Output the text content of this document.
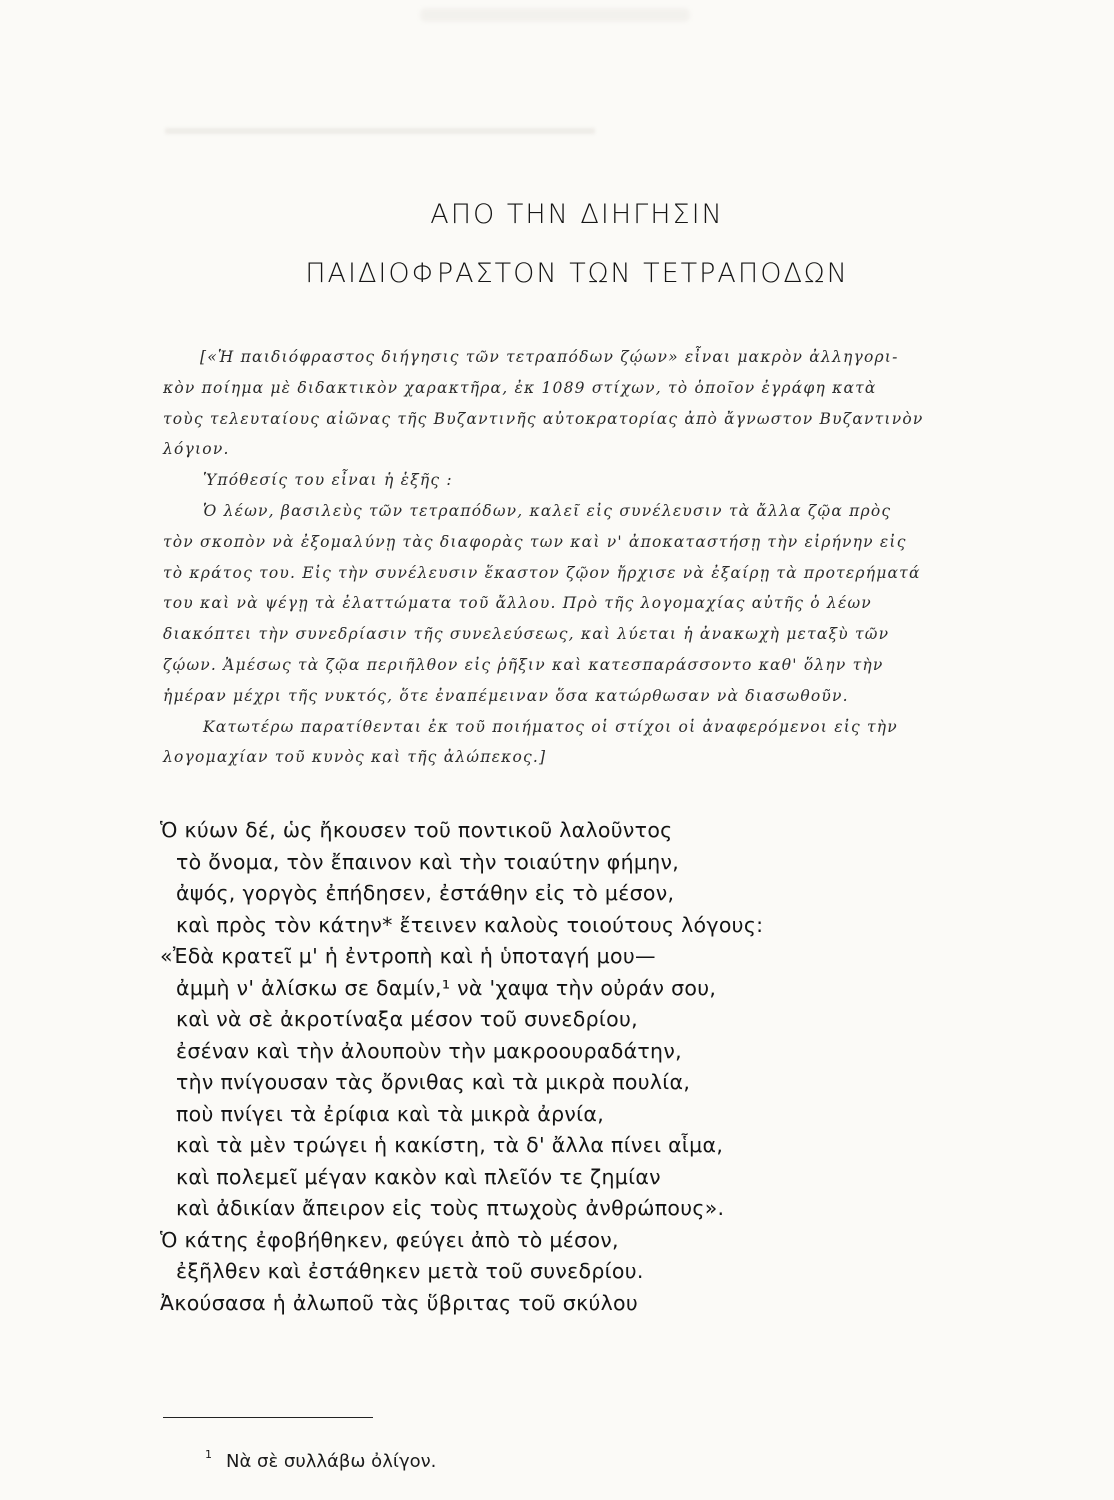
ΑΠΟ ΤΗΝ ΔΙΗΓΗΣΙΝ
ΠΑΙΔΙΟΦΡΑΣΤΟΝ ΤΩΝ ΤΕΤΡΑΠΟΔΩΝ
[«Ἡ παιδιόφραστος διήγησις τῶν τετραπόδων ζῴων» εἶναι μακρὸν ἀλληγορι-
κὸν ποίημα μὲ διδακτικὸν χαρακτῆρα, ἐκ 1089 στίχων, τὸ ὁποῖον ἐγράφη κατὰ
τοὺς τελευταίους αἰῶνας τῆς Βυζαντινῆς αὐτοκρατορίας ἀπὸ ἄγνωστον Βυζαντινὸν
λόγιον.
Ὑπόθεσίς του εἶναι ἡ ἑξῆς :
Ὁ λέων, βασιλεὺς τῶν τετραπόδων, καλεῖ εἰς συνέλευσιν τὰ ἄλλα ζῷα πρὸς
τὸν σκοπὸν νὰ ἐξομαλύνῃ τὰς διαφορὰς των καὶ ν' ἀποκαταστήσῃ τὴν εἰρήνην εἰς
τὸ κράτος του. Εἰς τὴν συνέλευσιν ἕκαστον ζῷον ἤρχισε νὰ ἐξαίρῃ τὰ προτερήματά
του καὶ νὰ ψέγῃ τὰ ἐλαττώματα τοῦ ἄλλου. Πρὸ τῆς λογομαχίας αὐτῆς ὁ λέων
διακόπτει τὴν συνεδρίασιν τῆς συνελεύσεως, καὶ λύεται ἡ ἀνακωχὴ μεταξὺ τῶν
ζῴων. Ἀμέσως τὰ ζῷα περιῆλθον εἰς ῥῆξιν καὶ κατεσπαράσσοντο καθ' ὅλην τὴν
ἡμέραν μέχρι τῆς νυκτός, ὅτε ἐναπέμειναν ὅσα κατώρθωσαν νὰ διασωθοῦν.
Κατωτέρω παρατίθενται ἐκ τοῦ ποιήματος οἱ στίχοι οἱ ἀναφερόμενοι εἰς τὴν
λογομαχίαν τοῦ κυνὸς καὶ τῆς ἀλώπεκος.]
Ὁ κύων δέ, ὡς ἤκουσεν τοῦ ποντικοῦ λαλοῦντος
τὸ ὄνομα, τὸν ἔπαινον καὶ τὴν τοιαύτην φήμην,
ἀψός, γοργὸς ἐπήδησεν, ἐστάθην εἰς τὸ μέσον,
καὶ πρὸς τὸν κάτην* ἔτεινεν καλοὺς τοιούτους λόγους:
«Ἐδὰ κρατεῖ μ' ἡ ἐντροπὴ καὶ ἡ ὑποταγή μου—
ἀμμὴ ν' ἀλίσκω σε δαμίν,¹ νὰ 'χαψα τὴν οὐράν σου,
καὶ νὰ σὲ ἀκροτίναξα μέσον τοῦ συνεδρίου,
ἐσέναν καὶ τὴν ἀλουποὺν τὴν μακροουραδάτην,
τὴν πνίγουσαν τὰς ὄρνιθας καὶ τὰ μικρὰ πουλία,
ποὺ πνίγει τὰ ἐρίφια καὶ τὰ μικρὰ ἀρνία,
καὶ τὰ μὲν τρώγει ἡ κακίστη, τὰ δ' ἄλλα πίνει αἷμα,
καὶ πολεμεῖ μέγαν κακὸν καὶ πλεῖόν τε ζημίαν
καὶ ἀδικίαν ἄπειρον εἰς τοὺς πτωχοὺς ἀνθρώπους».
Ὁ κάτης ἐφοβήθηκεν, φεύγει ἀπὸ τὸ μέσον,
ἐξῆλθεν καὶ ἐστάθηκεν μετὰ τοῦ συνεδρίου.
Ἀκούσασα ἡ ἀλωποῦ τὰς ὕβριτας τοῦ σκύλου
$^1$ Νὰ σὲ συλλάβω ὀλίγον.
